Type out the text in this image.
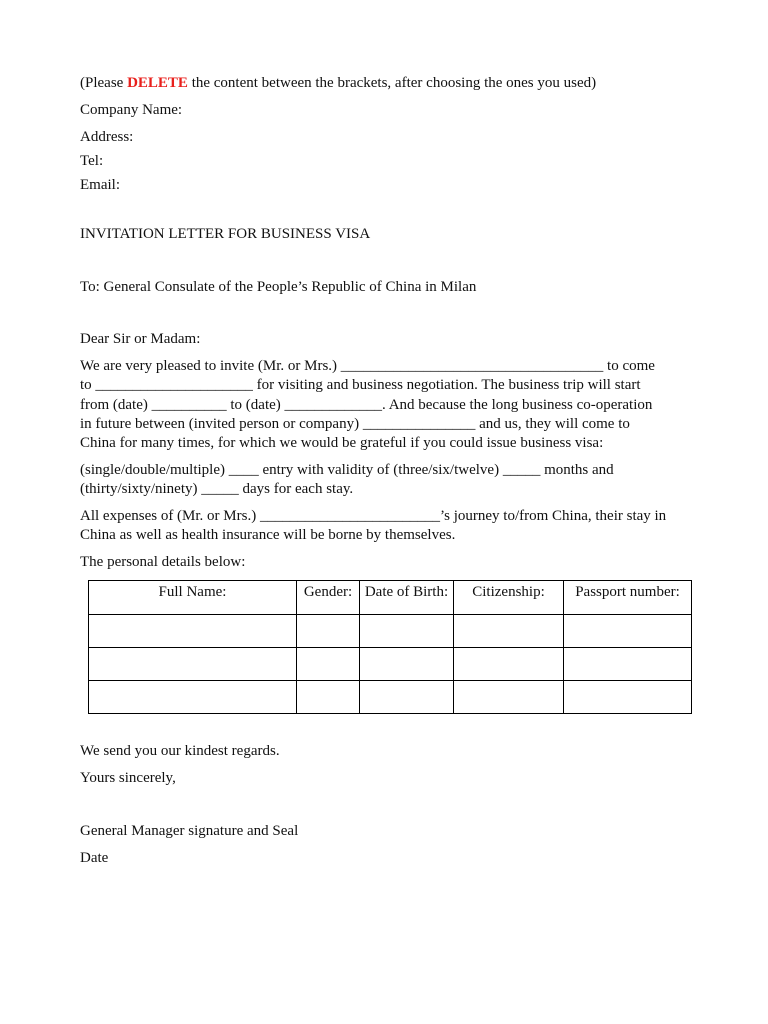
(Please DELETE the content between the brackets, after choosing the ones you used)
Company Name:
Address:
Tel:
Email:
INVITATION LETTER FOR BUSINESS VISA
To: General Consulate of the People’s Republic of China in Milan
Dear Sir or Madam:
We are very pleased to invite (Mr. or Mrs.) ___________________________________ to come
to _____________________ for visiting and business negotiation. The business trip will start
from (date) __________ to (date) _____________. And because the long business co-operation
in future between (invited person or company) _______________ and us, they will come to
China for many times, for which we would be grateful if you could issue business visa:
(single/double/multiple) ____ entry with validity of (three/six/twelve) _____ months and
(thirty/sixty/ninety) _____ days for each stay.
All expenses of (Mr. or Mrs.) ________________________’s journey to/from China, their stay in
China as well as health insurance will be borne by themselves.
The personal details below:
Full Name:	Gender:	Date of Birth:	Citizenship:	Passport number:

We send you our kindest regards.
Yours sincerely,
General Manager signature and Seal
Date
